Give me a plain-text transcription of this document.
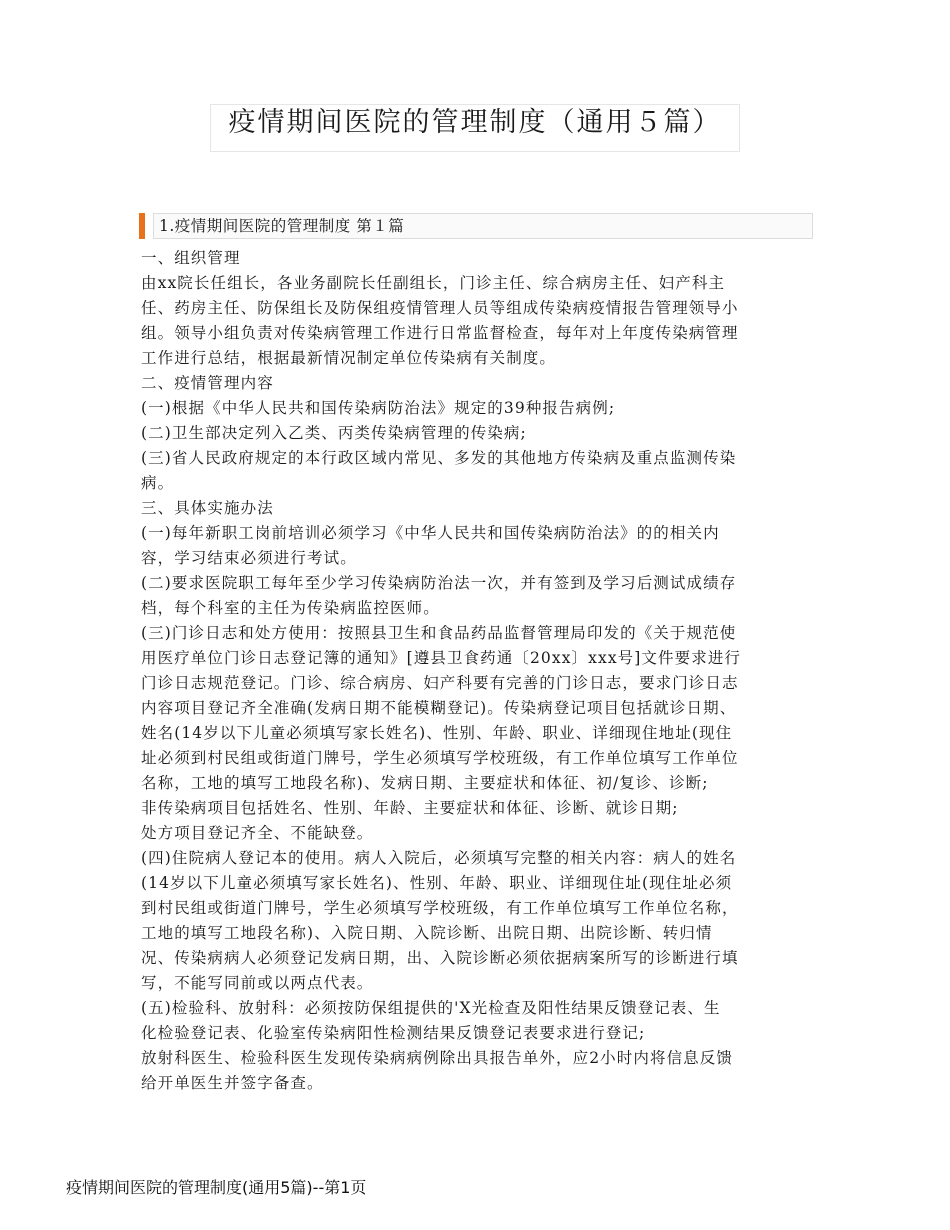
疫情期间医院的管理制度（通用５篇）
1.疫情期间医院的管理制度 第１篇
一、组织管理
由xx院长任组长，各业务副院长任副组长，门诊主任、综合病房主任、妇产科主
任、药房主任、防保组长及防保组疫情管理人员等组成传染病疫情报告管理领导小
组。领导小组负责对传染病管理工作进行日常监督检查，每年对上年度传染病管理
工作进行总结，根据最新情况制定单位传染病有关制度。
二、疫情管理内容
(一)根据《中华人民共和国传染病防治法》规定的39种报告病例;
(二)卫生部决定列入乙类、丙类传染病管理的传染病;
(三)省人民政府规定的本行政区域内常见、多发的其他地方传染病及重点监测传染
病。
三、具体实施办法
(一)每年新职工岗前培训必须学习《中华人民共和国传染病防治法》的的相关内
容，学习结束必须进行考试。
(二)要求医院职工每年至少学习传染病防治法一次，并有签到及学习后测试成绩存
档，每个科室的主任为传染病监控医师。
(三)门诊日志和处方使用：按照县卫生和食品药品监督管理局印发的《关于规范使
用医疗单位门诊日志登记簿的通知》[遵县卫食药通〔20xx〕xxx号]文件要求进行
门诊日志规范登记。门诊、综合病房、妇产科要有完善的门诊日志，要求门诊日志
内容项目登记齐全准确(发病日期不能模糊登记)。传染病登记项目包括就诊日期、
姓名(14岁以下儿童必须填写家长姓名)、性别、年龄、职业、详细现住地址(现住
址必须到村民组或街道门牌号，学生必须填写学校班级，有工作单位填写工作单位
名称，工地的填写工地段名称)、发病日期、主要症状和体征、初/复诊、诊断;
非传染病项目包括姓名、性别、年龄、主要症状和体征、诊断、就诊日期;
处方项目登记齐全、不能缺登。
(四)住院病人登记本的使用。病人入院后，必须填写完整的相关内容：病人的姓名
(14岁以下儿童必须填写家长姓名)、性别、年龄、职业、详细现住址(现住址必须
到村民组或街道门牌号，学生必须填写学校班级，有工作单位填写工作单位名称，
工地的填写工地段名称)、入院日期、入院诊断、出院日期、出院诊断、转归情
况、传染病病人必须登记发病日期，出、入院诊断必须依据病案所写的诊断进行填
写，不能写同前或以两点代表。
(五)检验科、放射科：必须按防保组提供的'X光检查及阳性结果反馈登记表、生
化检验登记表、化验室传染病阳性检测结果反馈登记表要求进行登记;
放射科医生、检验科医生发现传染病病例除出具报告单外，应2小时内将信息反馈
给开单医生并签字备查。
疫情期间医院的管理制度(通用5篇)--第1页
